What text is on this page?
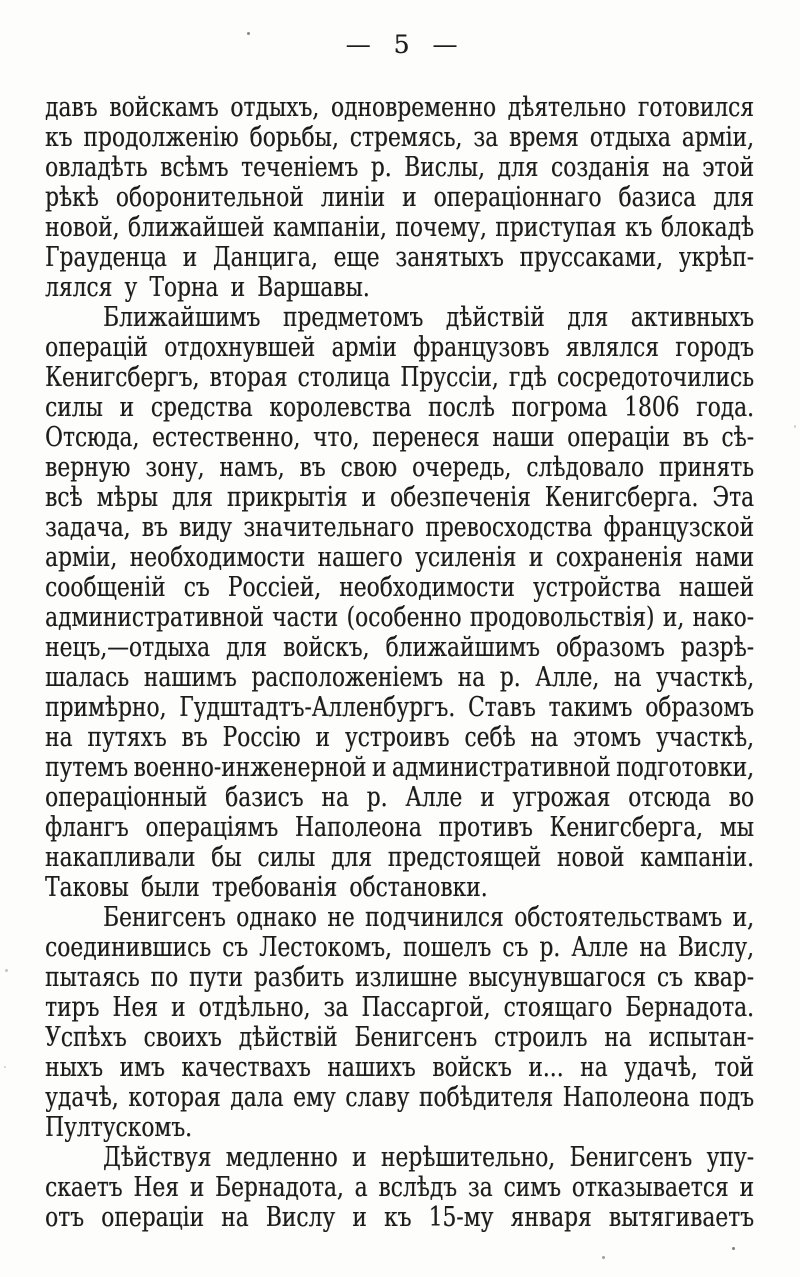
— 5 —
давъ войскамъ отдыхъ, одновременно дѣятельно готовился
къ продолженію борьбы, стремясь, за время отдыха арміи,
овладѣть всѣмъ теченіемъ р. Вислы, для созданія на этой
рѣкѣ оборонительной линіи и операціоннаго базиса для
новой, ближайшей кампаніи, почему, приступая къ блокадѣ
Грауденца и Данцига, еще занятыхъ пруссаками, укрѣп-
лялся у Торна и Варшавы.
Ближайшимъ предметомъ дѣйствій для активныхъ
операцій отдохнувшей арміи французовъ являлся городъ
Кенигсбергъ, вторая столица Пруссіи, гдѣ сосредоточились
силы и средства королевства послѣ погрома 1806 года.
Отсюда, естественно, что, перенеся наши операціи въ сѣ-
верную зону, намъ, въ свою очередь, слѣдовало принять
всѣ мѣры для прикрытія и обезпеченія Кенигсберга. Эта
задача, въ виду значительнаго превосходства французской
арміи, необходимости нашего усиленія и сохраненія нами
сообщеній съ Россіей, необходимости устройства нашей
административной части (особенно продовольствія) и, нако-
нецъ,—отдыха для войскъ, ближайшимъ образомъ разрѣ-
шалась нашимъ расположеніемъ на р. Алле, на участкѣ,
примѣрно, Гудштадтъ-Алленбургъ. Ставъ такимъ образомъ
на путяхъ въ Россію и устроивъ себѣ на этомъ участкѣ,
путемъ военно-инженерной и административной подготовки,
операціонный базисъ на р. Алле и угрожая отсюда во
флангъ операціямъ Наполеона противъ Кенигсберга, мы
накапливали бы силы для предстоящей новой кампаніи.
Таковы были требованія обстановки.
Бенигсенъ однако не подчинился обстоятельствамъ и,
соединившись съ Лестокомъ, пошелъ съ р. Алле на Вислу,
пытаясь по пути разбить излишне высунувшагося съ квар-
тиръ Нея и отдѣльно, за Пассаргой, стоящаго Бернадота.
Успѣхъ своихъ дѣйствій Бенигсенъ строилъ на испытан-
ныхъ имъ качествахъ нашихъ войскъ и... на удачѣ, той
удачѣ, которая дала ему славу побѣдителя Наполеона подъ
Пултускомъ.
Дѣйствуя медленно и нерѣшительно, Бенигсенъ упу-
скаетъ Нея и Бернадота, а вслѣдъ за симъ отказывается и
отъ операціи на Вислу и къ 15-му января вытягиваетъ
